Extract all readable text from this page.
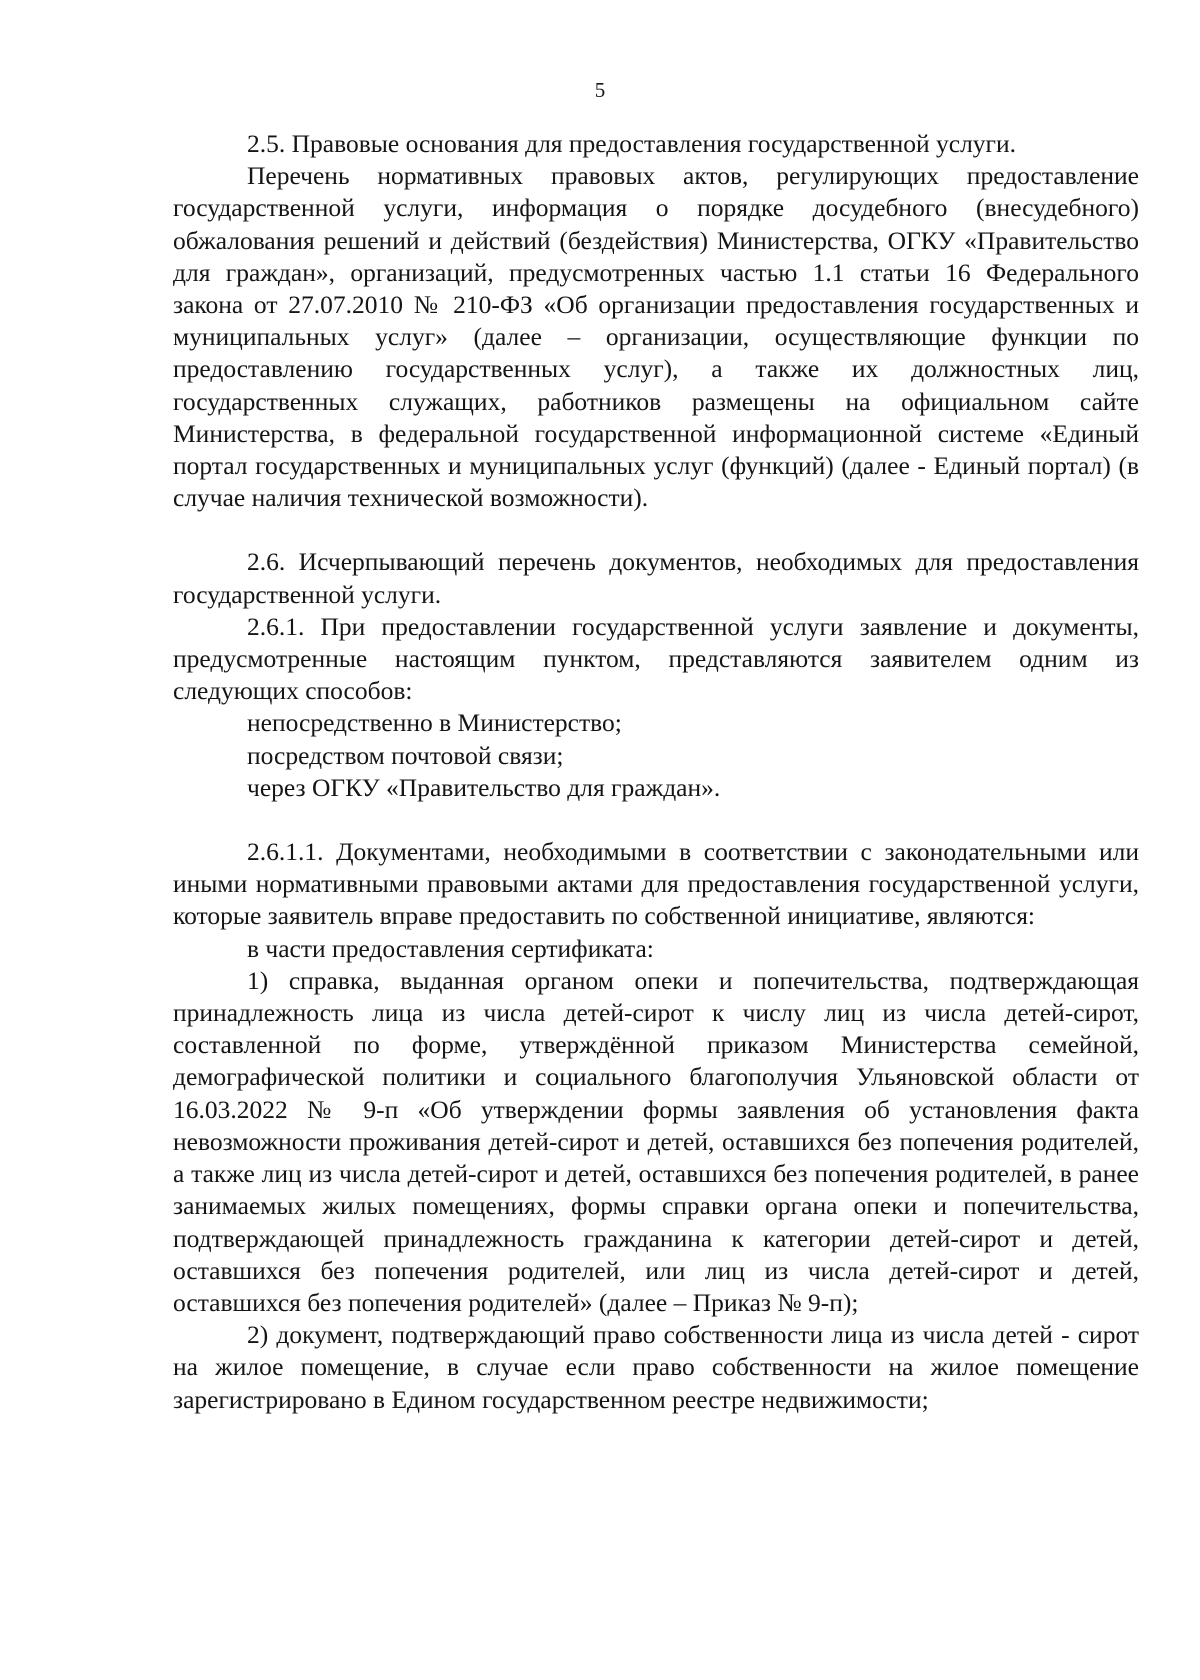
5

2.5. Правовые основания для предоставления государственной услуги.

Перечень нормативных правовых актов, регулирующих предоставление государственной услуги, информация о порядке досудебного (внесудебного) обжалования решений и действий (бездействия) Министерства, ОГКУ «Правительство для граждан», организаций, предусмотренных частью 1.1 статьи 16 Федерального закона от 27.07.2010 № 210-ФЗ «Об организации предоставления государственных и муниципальных услуг» (далее – организации, осуществляющие функции по предоставлению государственных услуг), а также их должностных лиц, государственных служащих, работников размещены на официальном сайте Министерства, в федеральной государственной информационной системе «Единый портал государственных и муниципальных услуг (функций) (далее - Единый портал) (в случае наличия технической возможности).

2.6. Исчерпывающий перечень документов, необходимых для предоставления государственной услуги.

2.6.1. При предоставлении государственной услуги заявление и документы, предусмотренные настоящим пунктом, представляются заявителем одним из следующих способов:

непосредственно в Министерство;

посредством почтовой связи;

через ОГКУ «Правительство для граждан».

2.6.1.1. Документами, необходимыми в соответствии с законодательными или иными нормативными правовыми актами для предоставления государственной услуги, которые заявитель вправе предоставить по собственной инициативе, являются:

в части предоставления сертификата:

1) справка, выданная органом опеки и попечительства, подтверждающая принадлежность лица из числа детей-сирот к числу лиц из числа детей-сирот, составленной по форме, утверждённой приказом Министерства семейной, демографической политики и социального благополучия Ульяновской области от 16.03.2022 № 9-п «Об утверждении формы заявления об установления факта невозможности проживания детей-сирот и детей, оставшихся без попечения родителей, а также лиц из числа детей-сирот и детей, оставшихся без попечения родителей, в ранее занимаемых жилых помещениях, формы справки органа опеки и попечительства, подтверждающей принадлежность гражданина к категории детей-сирот и детей, оставшихся без попечения родителей, или лиц из числа детей-сирот и детей, оставшихся без попечения родителей» (далее – Приказ № 9-п);

2) документ, подтверждающий право собственности лица из числа детей - сирот на жилое помещение, в случае если право собственности на жилое помещение зарегистрировано в Едином государственном реестре недвижимости;
